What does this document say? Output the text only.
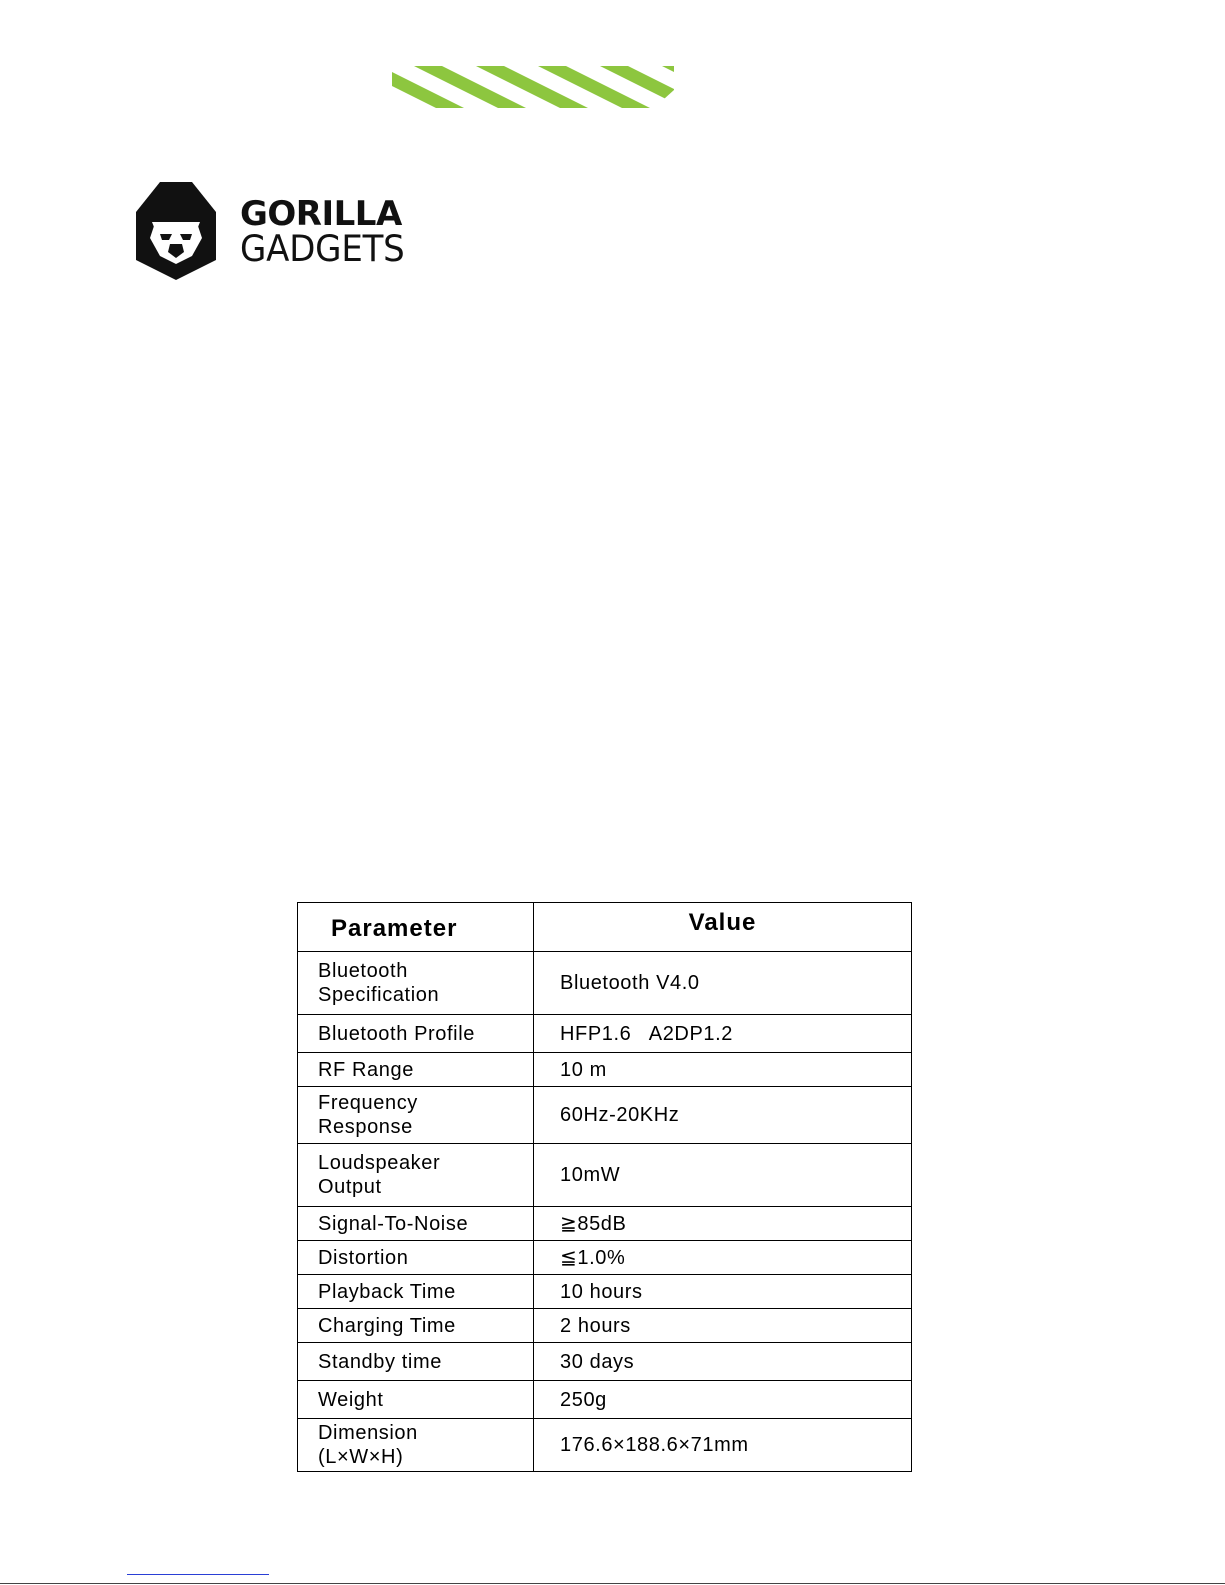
GORILLA
GADGETS
Parameter	Value

Bluetooth
Specification	Bluetooth V4.0
Bluetooth Profile	HFP1.6   A2DP1.2
RF Range	10 m

Frequency
Response	60Hz-20KHz

Loudspeaker
Output	10mW
Signal-To-Noise	≧85dB
Distortion	≦1.0%
Playback Time	10 hours
Charging Time	2 hours
Standby time	30 days
Weight	250g

Dimension
(L×W×H)	176.6×188.6×71mm
